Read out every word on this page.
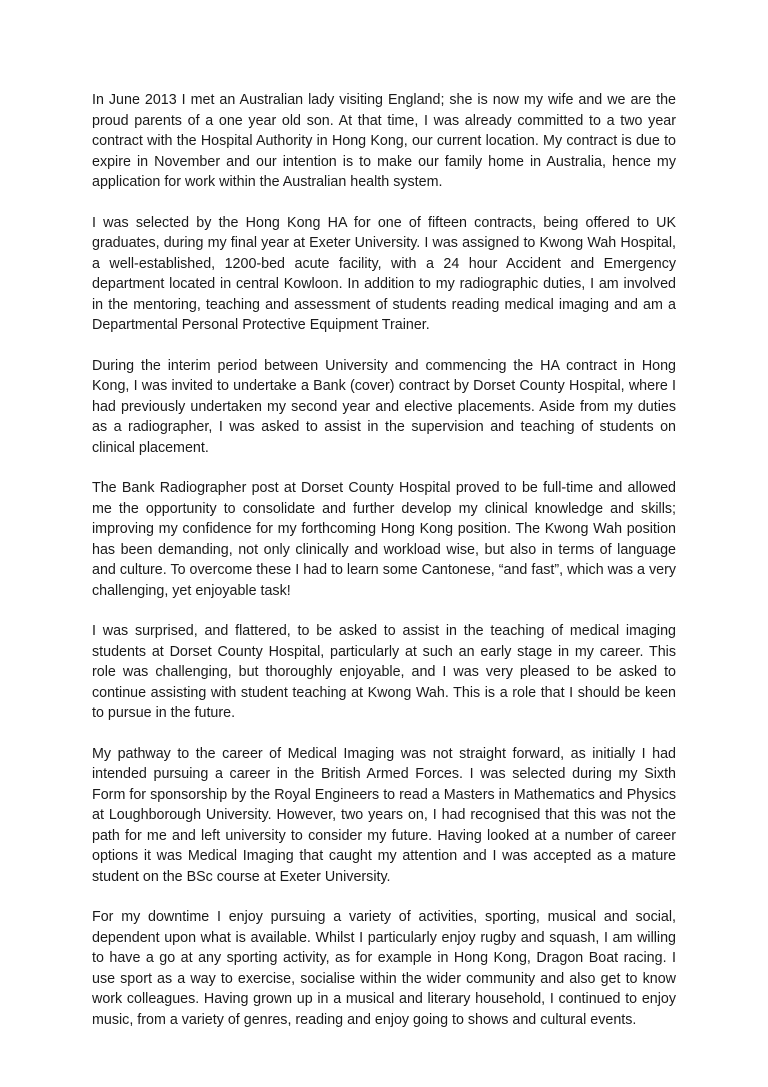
In June 2013 I met an Australian lady visiting England; she is now my wife and we are the proud parents of a one year old son. At that time, I was already committed to a two year contract with the Hospital Authority in Hong Kong, our current location. My contract is due to expire in November and our intention is to make our family home in Australia, hence my application for work within the Australian health system.

I was selected by the Hong Kong HA for one of fifteen contracts, being offered to UK graduates, during my final year at Exeter University. I was assigned to Kwong Wah Hospital, a well-established, 1200-bed acute facility, with a 24 hour Accident and Emergency department located in central Kowloon. In addition to my radiographic duties, I am involved in the mentoring, teaching and assessment of students reading medical imaging and am a Departmental Personal Protective Equipment Trainer.

During the interim period between University and commencing the HA contract in Hong Kong, I was invited to undertake a Bank (cover) contract by Dorset County Hospital, where I had previously undertaken my second year and elective placements. Aside from my duties as a radiographer, I was asked to assist in the supervision and teaching of students on clinical placement.

The Bank Radiographer post at Dorset County Hospital proved to be full-time and allowed me the opportunity to consolidate and further develop my clinical knowledge and skills; improving my confidence for my forthcoming Hong Kong position. The Kwong Wah position has been demanding, not only clinically and workload wise, but also in terms of language and culture. To overcome these I had to learn some Cantonese, “and fast”, which was a very challenging, yet enjoyable task!

I was surprised, and flattered, to be asked to assist in the teaching of medical imaging students at Dorset County Hospital, particularly at such an early stage in my career. This role was challenging, but thoroughly enjoyable, and I was very pleased to be asked to continue assisting with student teaching at Kwong Wah. This is a role that I should be keen to pursue in the future.

My pathway to the career of Medical Imaging was not straight forward, as initially I had intended pursuing a career in the British Armed Forces. I was selected during my Sixth Form for sponsorship by the Royal Engineers to read a Masters in Mathematics and Physics at Loughborough University. However, two years on, I had recognised that this was not the path for me and left university to consider my future. Having looked at a number of career options it was Medical Imaging that caught my attention and I was accepted as a mature student on the BSc course at Exeter University.

For my downtime I enjoy pursuing a variety of activities, sporting, musical and social, dependent upon what is available. Whilst I particularly enjoy rugby and squash, I am willing to have a go at any sporting activity, as for example in Hong Kong, Dragon Boat racing. I use sport as a way to exercise, socialise within the wider community and also get to know work colleagues. Having grown up in a musical and literary household, I continued to enjoy music, from a variety of genres, reading and enjoy going to shows and cultural events.
